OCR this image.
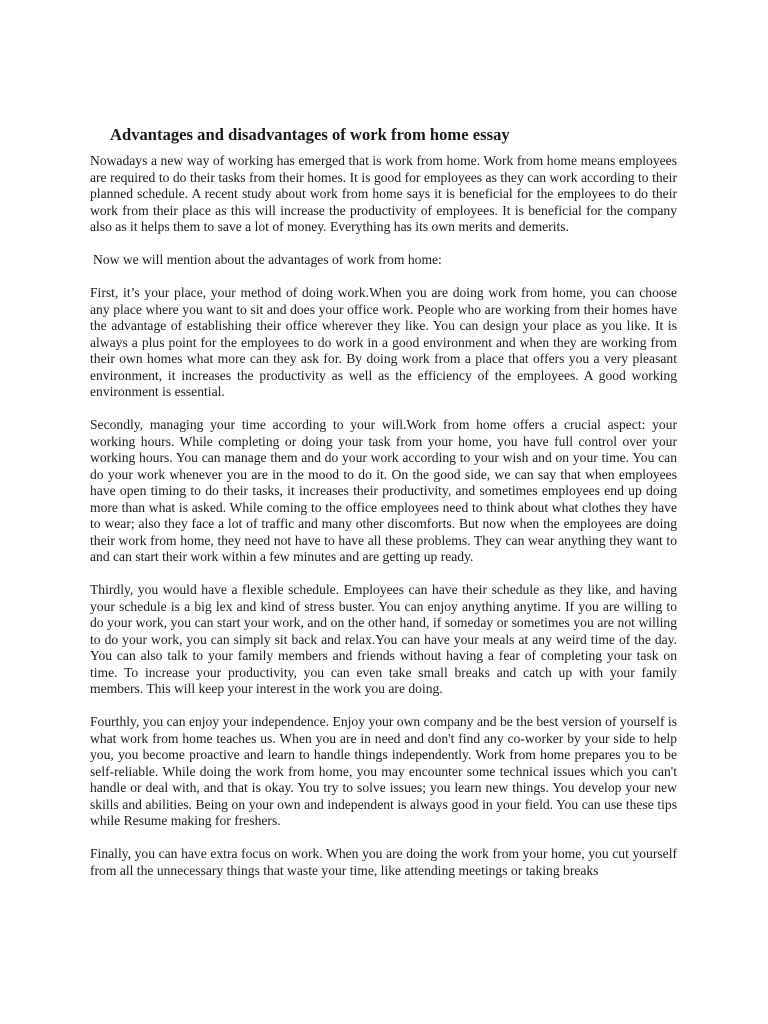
Advantages and disadvantages of work from home essay

Nowadays a new way of working has emerged that is work from home. Work from home means employees are required to do their tasks from their homes. It is good for employees as they can work according to their planned schedule. A recent study about work from home says it is beneficial for the employees to do their work from their place as this will increase the productivity of employees. It is beneficial for the company also as it helps them to save a lot of money. Everything has its own merits and demerits.

Now we will mention about the advantages of work from home:

First, it’s your place, your method of doing work.When you are doing work from home, you can choose any place where you want to sit and does your office work. People who are working from their homes have the advantage of establishing their office wherever they like. You can design your place as you like. It is always a plus point for the employees to do work in a good environment and when they are working from their own homes what more can they ask for. By doing work from a place that offers you a very pleasant environment, it increases the productivity as well as the efficiency of the employees. A good working environment is essential.

Secondly, managing your time according to your will.Work from home offers a crucial aspect: your working hours. While completing or doing your task from your home, you have full control over your working hours. You can manage them and do your work according to your wish and on your time. You can do your work whenever you are in the mood to do it. On the good side, we can say that when employees have open timing to do their tasks, it increases their productivity, and sometimes employees end up doing more than what is asked. While coming to the office employees need to think about what clothes they have to wear; also they face a lot of traffic and many other discomforts. But now when the employees are doing their work from home, they need not have to have all these problems. They can wear anything they want to and can start their work within a few minutes and are getting up ready.

Thirdly, you would have a flexible schedule. Employees can have their schedule as they like, and having your schedule is a big lex and kind of stress buster. You can enjoy anything anytime. If you are willing to do your work, you can start your work, and on the other hand, if someday or sometimes you are not willing to do your work, you can simply sit back and relax.You can have your meals at any weird time of the day. You can also talk to your family members and friends without having a fear of completing your task on time. To increase your productivity, you can even take small breaks and catch up with your family members. This will keep your interest in the work you are doing.

Fourthly, you can enjoy your independence. Enjoy your own company and be the best version of yourself is what work from home teaches us. When you are in need and don't find any co-worker by your side to help you, you become proactive and learn to handle things independently. Work from home prepares you to be self-reliable. While doing the work from home, you may encounter some technical issues which you can't handle or deal with, and that is okay. You try to solve issues; you learn new things. You develop your new skills and abilities. Being on your own and independent is always good in your field. You can use these tips while Resume making for freshers.

Finally, you can have extra focus on work. When you are doing the work from your home, you cut yourself from all the unnecessary things that waste your time, like attending meetings or taking breaks
